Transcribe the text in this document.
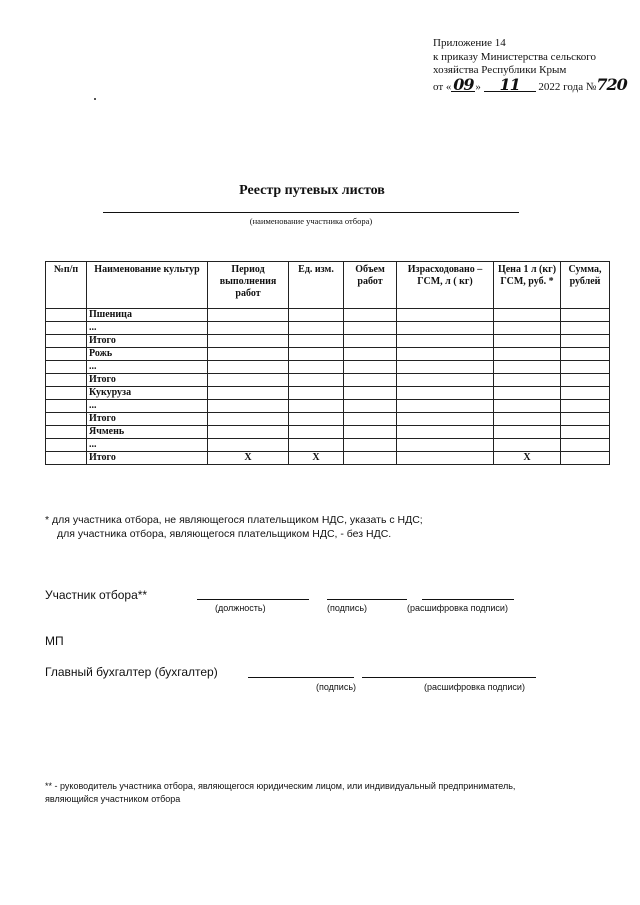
Приложение 14
к приказу Министерства сельского
хозяйства Республики Крым
от « 09 » 11 2022 года №720
Реестр путевых листов
(наименование участника отбора)
№п/п	Наименование культур	Период выполнения работ	Ед. изм.	Объем работ	Израсходовано – ГСМ, л ( кг)	Цена 1 л (кг) ГСМ, руб. *	Сумма, рублей
	Пшеница						
	...						
	Итого						
	Рожь						
	...						
	Итого						
	Кукуруза						
	...						
	Итого						
	Ячмень						
	...						
	Итого	X	X			X	
* для участника отбора, не являющегося плательщиком НДС, указать с НДС;
для участника отбора, являющегося плательщиком НДС, - без НДС.
Участник отбора**
(должность)	(подпись)	(расшифровка подписи)
МП
Главный бухгалтер (бухгалтер)
(подпись)	(расшифровка подписи)
** - руководитель участника отбора, являющегося юридическим лицом, или индивидуальный предприниматель,
являющийся участником отбора
